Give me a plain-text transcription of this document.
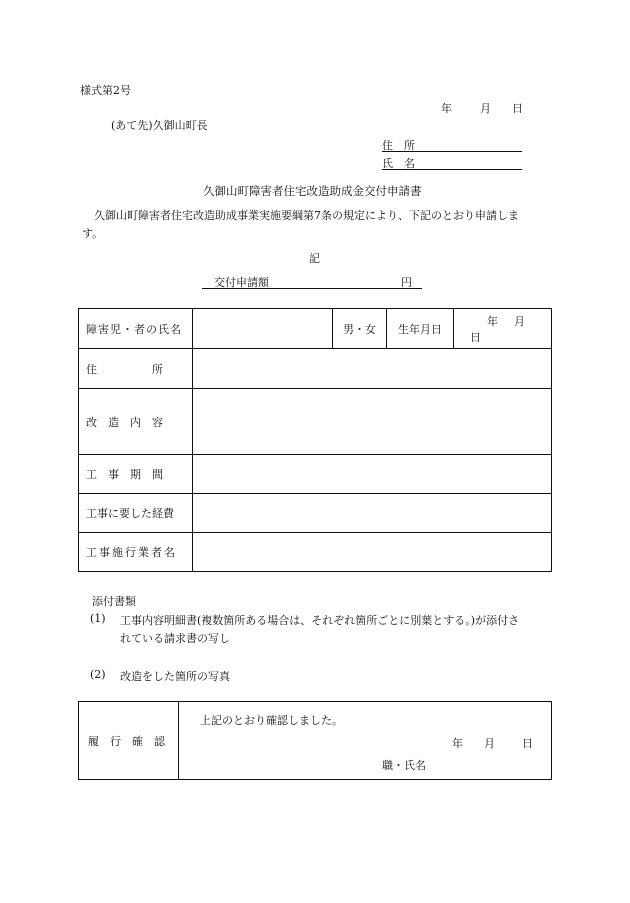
様式第2号
年	月 日
(あて先)久御山町長
住　所
氏　名
久御山町障害者住宅改造助成金交付申請書
久御山町障害者住宅改造助成事業実施要綱第7条の規定により、下記のとおり申請しま
す。
記
交付申請額	円
障害児・者の氏名		男・女	生年月日	年 月日
住　　　　　所				
改　造　内　容				
工　事　期　間				
工事に要した経費				
工事施行業者名				
添付書類
(1) 工事内容明細書(複数箇所ある場合は、それぞれ箇所ごとに別葉とする。)が添付さ
れている請求書の写し
(2) 改造をした箇所の写真
履　行　確　認	
上記のとおり確認しました。
年 月 日
職・氏名
